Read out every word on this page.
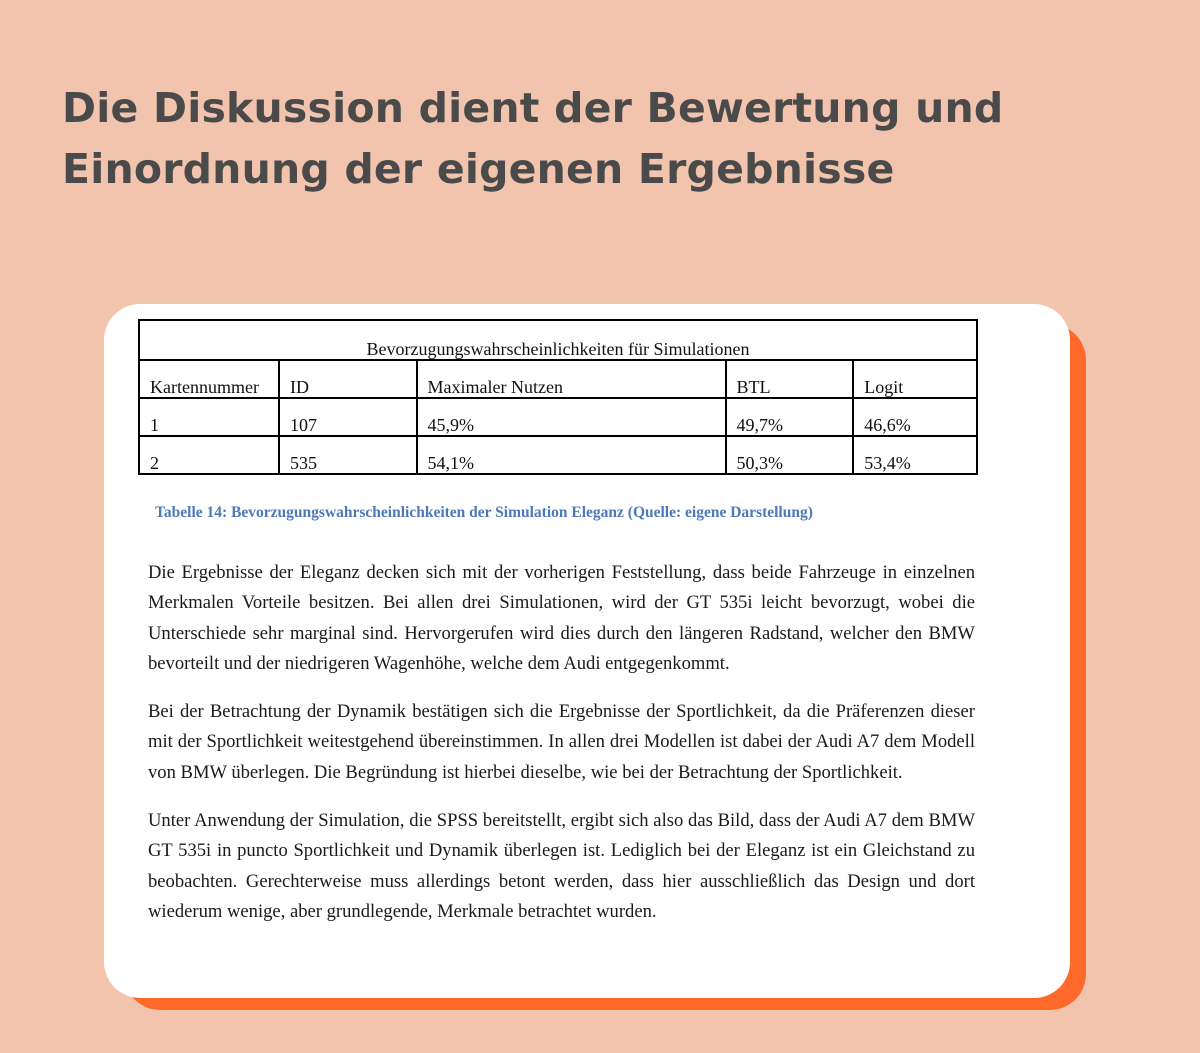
Die Diskussion dient der Bewertung und
Einordnung der eigenen Ergebnisse
Bevorzugungswahrscheinlichkeiten für Simulationen				
Kartennummer	ID	Maximaler Nutzen	BTL	Logit
1	107	45,9%	49,7%	46,6%
2	535	54,1%	50,3%	53,4%
Tabelle 14: Bevorzugungswahrscheinlichkeiten der Simulation Eleganz (Quelle: eigene Darstellung)

Die Ergebnisse der Eleganz decken sich mit der vorherigen Feststellung, dass beide Fahrzeuge in einzelnen Merkmalen Vorteile besitzen. Bei allen drei Simulationen, wird der GT 535i leicht bevorzugt, wobei die Unterschiede sehr marginal sind. Hervorgerufen wird dies durch den längeren Radstand, welcher den BMW bevorteilt und der niedrigeren Wagenhöhe, welche dem Audi entgegenkommt.

Bei der Betrachtung der Dynamik bestätigen sich die Ergebnisse der Sportlichkeit, da die Präferenzen dieser mit der Sportlichkeit weitestgehend übereinstimmen. In allen drei Modellen ist dabei der Audi A7 dem Modell von BMW überlegen. Die Begründung ist hierbei dieselbe, wie bei der Betrachtung der Sportlichkeit.

Unter Anwendung der Simulation, die SPSS bereitstellt, ergibt sich also das Bild, dass der Audi A7 dem BMW GT 535i in puncto Sportlichkeit und Dynamik überlegen ist. Lediglich bei der Eleganz ist ein Gleichstand zu beobachten. Gerechterweise muss allerdings betont werden, dass hier ausschließlich das Design und dort wiederum wenige, aber grundlegende, Merkmale betrachtet wurden.
